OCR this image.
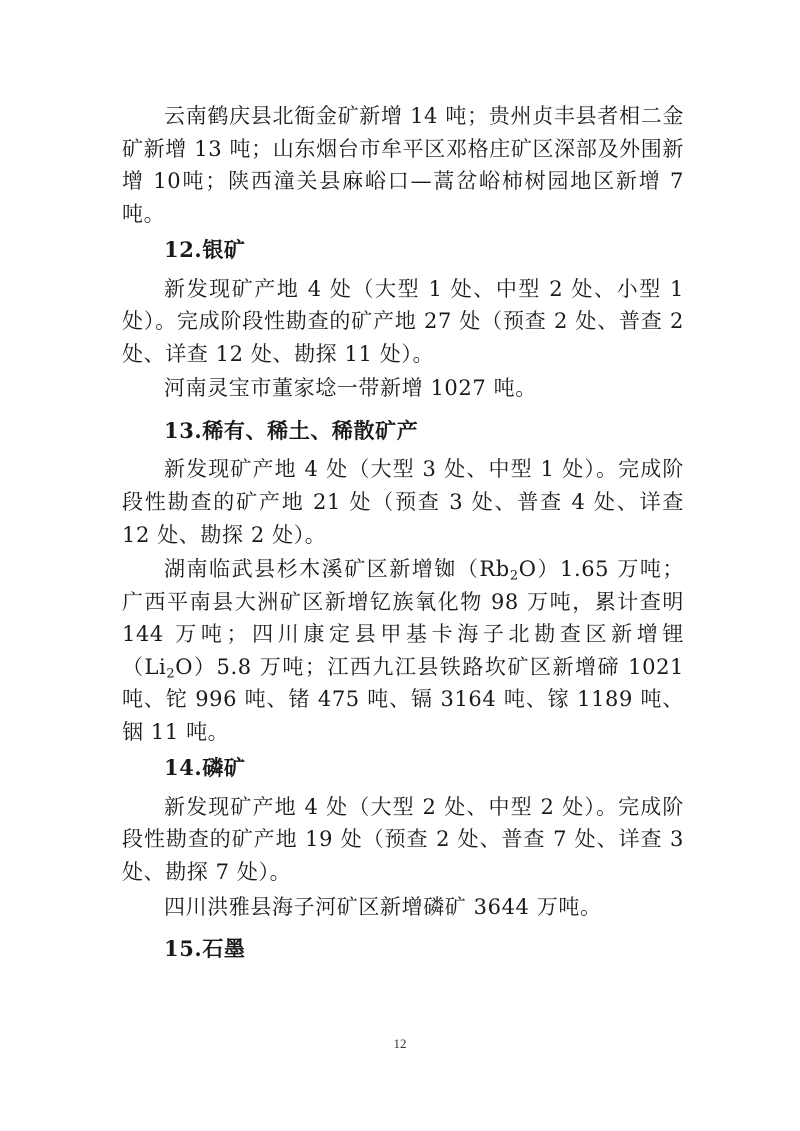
云南鹤庆县北衙金矿新增 14 吨；贵州贞丰县者相二金矿新增 13 吨；山东烟台市牟平区邓格庄矿区深部及外围新增 10吨；陕西潼关县麻峪口—蒿岔峪柿树园地区新增 7吨。

12.银矿

新发现矿产地 4 处（大型 1 处、中型 2 处、小型 1 处）。完成阶段性勘查的矿产地 27 处（预查 2 处、普查 2 处、详查 12 处、勘探 11 处）。

河南灵宝市董家埝一带新增 1027 吨。

13.稀有、稀土、稀散矿产

新发现矿产地 4 处（大型 3 处、中型 1 处）。完成阶段性勘查的矿产地 21 处（预查 3 处、普查 4 处、详查 12 处、勘探 2 处）。

湖南临武县杉木溪矿区新增铷$(Rb_2O)1.65$ 万吨；广西平南县大洲矿区新增钇族氧化物 98 万吨，累计查明 144 万吨；四川康定县甲基卡海子北勘查区新增锂$(Li_2O)5.8$ 万吨；江西九江县铁路坎矿区新增碲 1021 吨、铊 996 吨、锗 475 吨、镉 3164 吨、镓 1189 吨、铟 11 吨。

14.磷矿

新发现矿产地 4 处（大型 2 处、中型 2 处）。完成阶段性勘查的矿产地 19 处（预查 2 处、普查 7 处、详查 3 处、勘探 7 处）。

四川洪雅县海子河矿区新增磷矿 3644 万吨。

15.石墨

12
